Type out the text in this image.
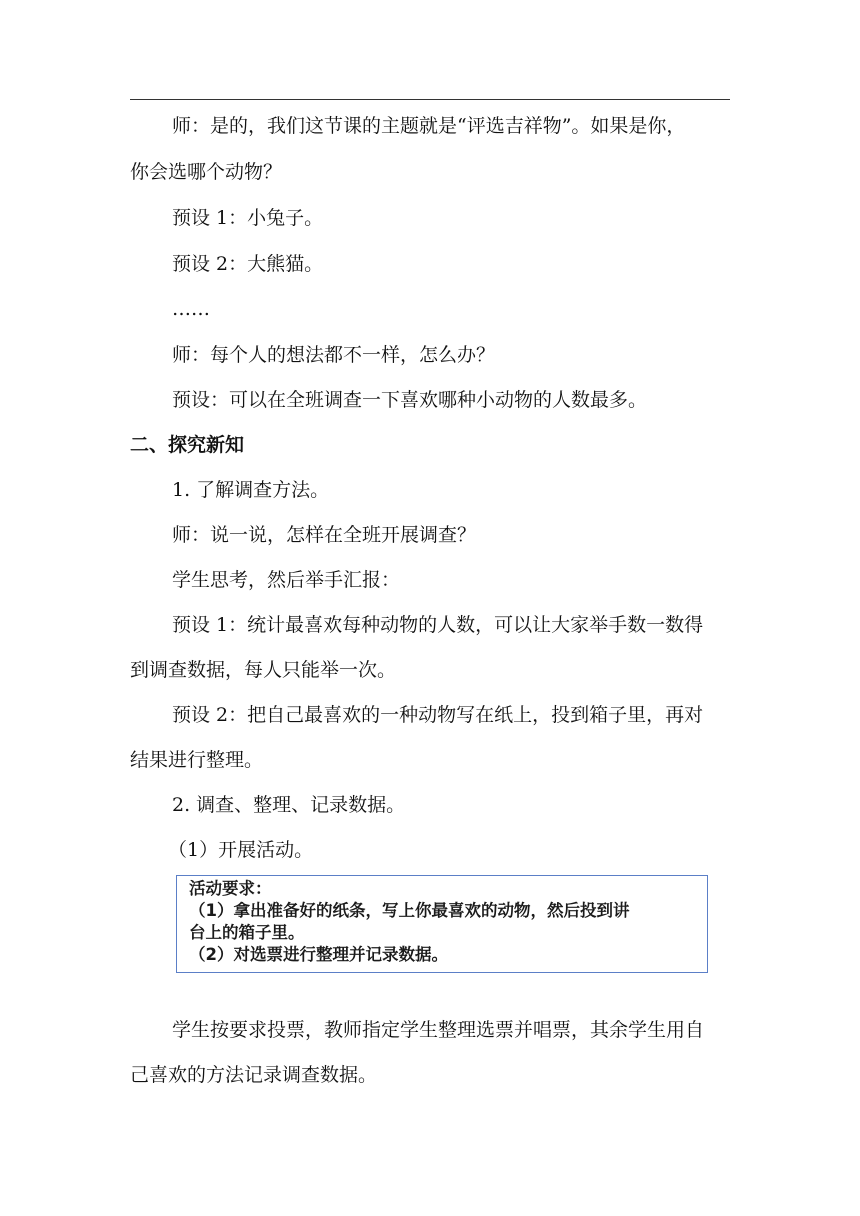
师：是的，我们这节课的主题就是“评选吉祥物”。如果是你，
你会选哪个动物？
预设 1：小兔子。
预设 2：大熊猫。
……
师：每个人的想法都不一样，怎么办？
预设：可以在全班调查一下喜欢哪种小动物的人数最多。
二、探究新知
1. 了解调查方法。
师：说一说，怎样在全班开展调查？
学生思考，然后举手汇报：
预设 1：统计最喜欢每种动物的人数，可以让大家举手数一数得
到调查数据，每人只能举一次。
预设 2：把自己最喜欢的一种动物写在纸上，投到箱子里，再对
结果进行整理。
2. 调查、整理、记录数据。
（1）开展活动。
活动要求：
（1）拿出准备好的纸条，写上你最喜欢的动物，然后投到讲
台上的箱子里。
（2）对选票进行整理并记录数据。
学生按要求投票，教师指定学生整理选票并唱票，其余学生用自
己喜欢的方法记录调查数据。
